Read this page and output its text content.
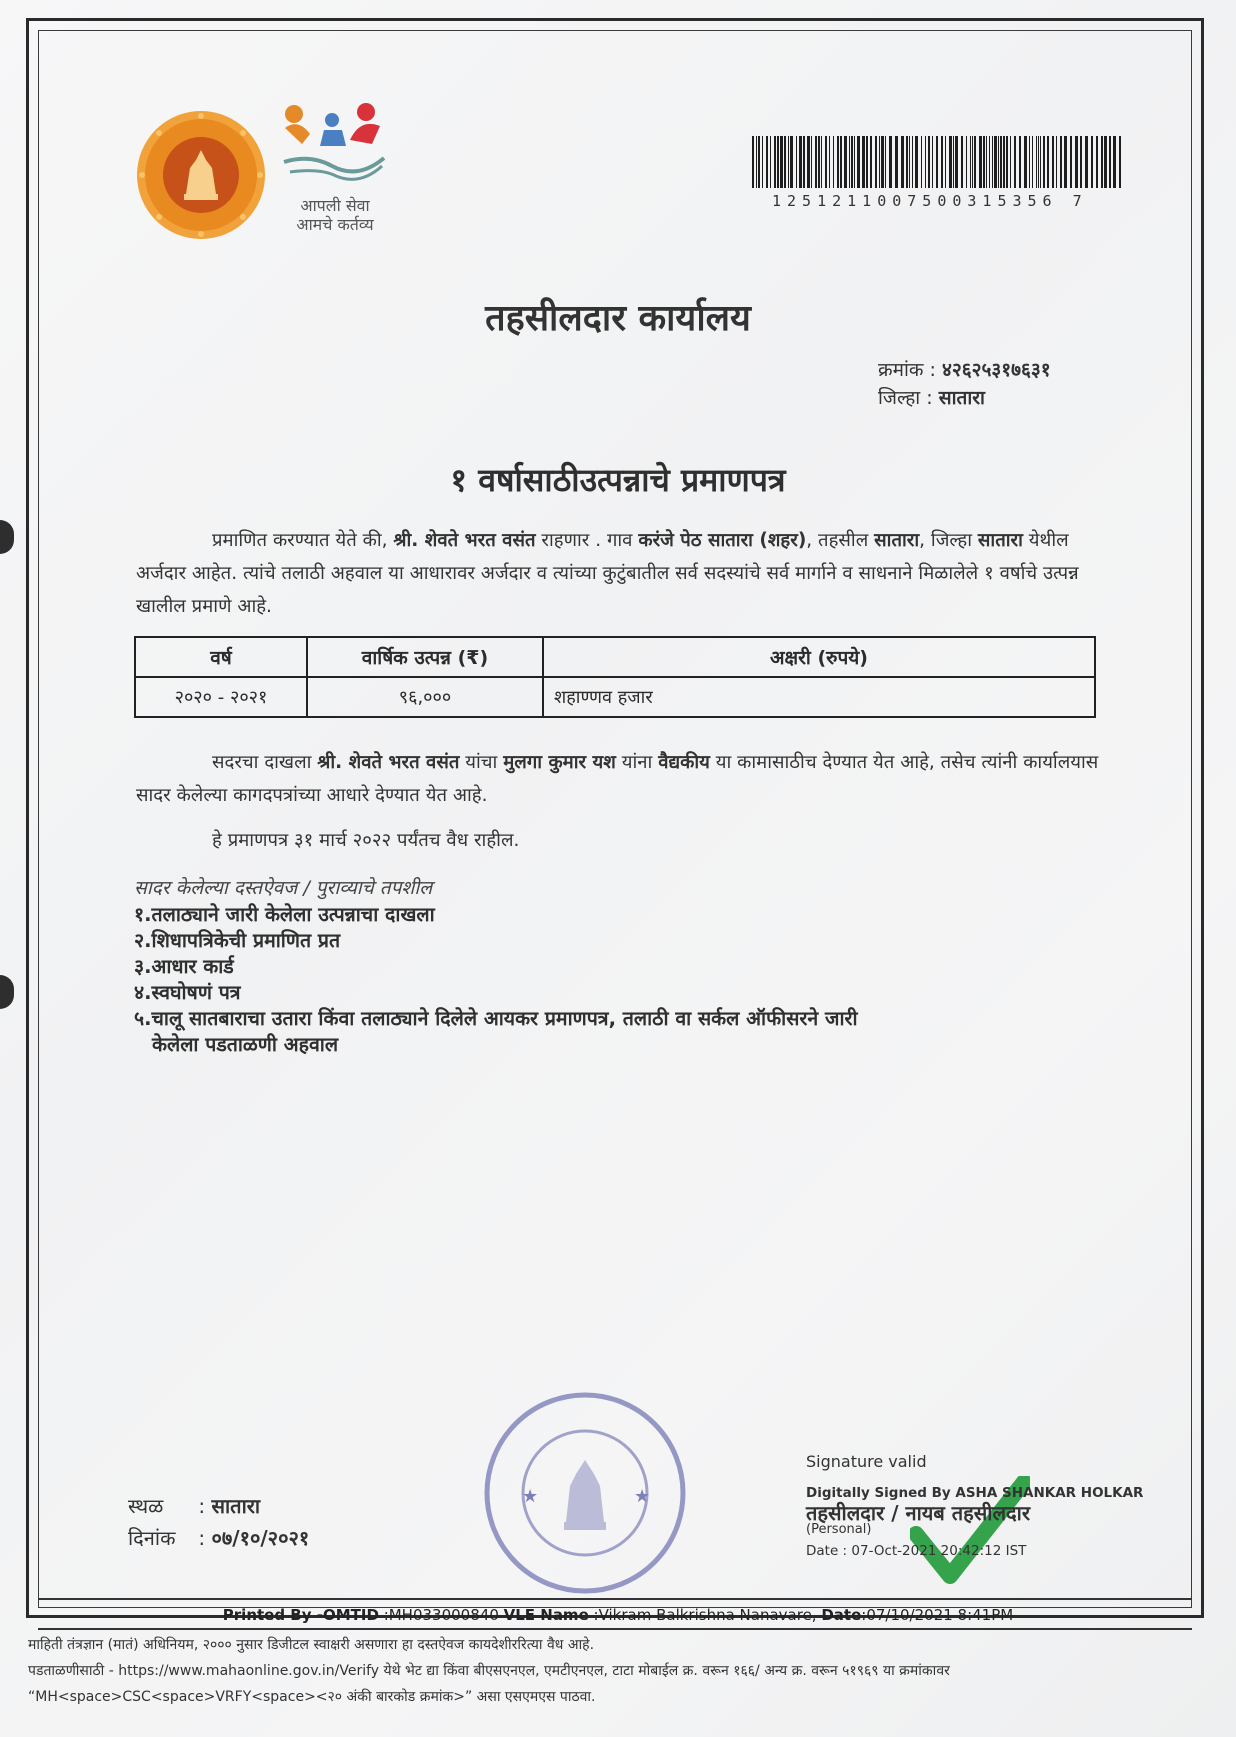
आपली सेवा
आमचे कर्तव्य
1251211007500315356 7
तहसीलदार कार्यालय
क्रमांक : ४२६२५३१७६३१
जिल्हा : सातारा
१ वर्षासाठीउत्पन्नाचे प्रमाणपत्र
प्रमाणित करण्यात येते की, श्री. शेवते भरत वसंत राहणार . गाव करंजे पेठ सातारा (शहर), तहसील सातारा, जिल्हा सातारा येथील अर्जदार आहेत. त्यांचे तलाठी अहवाल या आधारावर अर्जदार व त्यांच्या कुटुंबातील सर्व सदस्यांचे सर्व मार्गाने व साधनाने मिळालेले १ वर्षाचे उत्पन्न खालील प्रमाणे आहे.
वर्ष	वार्षिक उत्पन्न (₹)	अक्षरी (रुपये)
२०२० - २०२१	९६,०००	शहाण्णव हजार
सदरचा दाखला श्री. शेवते भरत वसंत यांचा मुलगा कुमार यश यांना वैद्यकीय या कामासाठीच देण्यात येत आहे, तसेच त्यांनी कार्यालयास सादर केलेल्या कागदपत्रांच्या आधारे देण्यात येत आहे.
हे प्रमाणपत्र ३१ मार्च २०२२ पर्यंतच वैध राहील.
सादर केलेल्या दस्तऐवज / पुराव्याचे तपशील
१.तलाठ्याने जारी केलेला उत्पन्नाचा दाखला
२.शिधापत्रिकेची प्रमाणित प्रत
३.आधार कार्ड
४.स्वघोषणं पत्र
५.चालू सातबाराचा उतारा किंवा तलाठ्याने दिलेले आयकर प्रमाणपत्र, तलाठी वा सर्कल ऑफीसरने जारी
केलेला पडताळणी अहवाल
स्थळ : सातारा
दिनांक : ०७/१०/२०२१
★	★
Signature valid
Digitally Signed By ASHA SHANKAR HOLKAR
तहसीलदार / नायब तहसीलदार
(Personal)
Date : 07-Oct-2021 20:42:12 IST
Printed By -OMTID :MH033000840 VLE Name :Vikram Balkrishna Nanavare, Date:07/10/2021 8:41PM
माहिती तंत्रज्ञान (मातं) अधिनियम, २००० नुसार डिजीटल स्वाक्षरी असणारा हा दस्तऐवज कायदेशीररित्या वैध आहे.
पडताळणीसाठी - https://www.mahaonline.gov.in/Verify येथे भेट द्या किंवा बीएसएनएल, एमटीएनएल, टाटा मोबाईल क्र. वरून १६६/ अन्य क्र. वरून ५१९६९ या क्रमांकावर
“MH<space>CSC<space>VRFY<space><२० अंकी बारकोड क्रमांक>” असा एसएमएस पाठवा.
